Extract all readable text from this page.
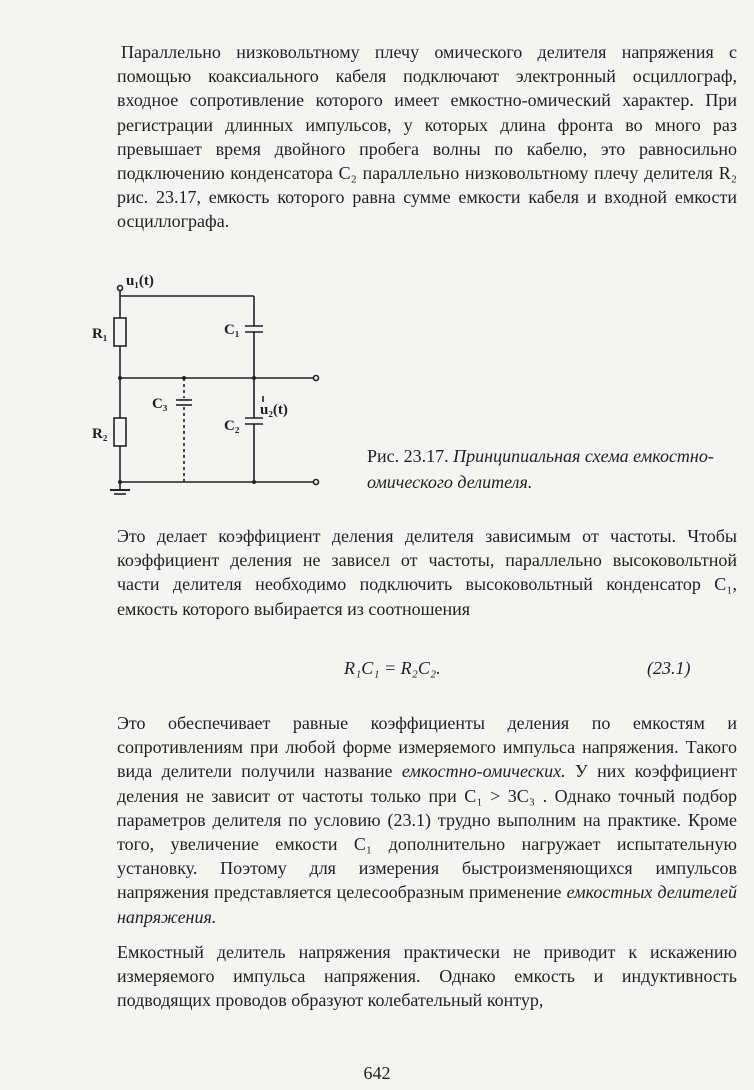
Параллельно низковольтному плечу омического делителя напряжения с помощью коаксиального кабеля подключают электронный осциллограф, входное сопротивление которого имеет емкостно-омический характер. При регистрации длинных импульсов, у которых длина фронта во много раз превышает время двойного пробега волны по кабелю, это равносильно подключению конденсатора C₂ параллельно низковольтному плечу делителя R₂ рис. 23.17, емкость которого равна сумме емкости кабеля и входной емкости осциллографа.

u₁(t)
R₁	C₁
C₃	u₂(t)
C₂
R₂
Рис. 23.17. Принципиальная схема емкостно-омического делителя.

Это делает коэффициент деления делителя зависимым от частоты. Чтобы коэффициент деления не зависел от частоты, параллельно высоковольтной части делителя необходимо подключить высоковольтный конденсатор C₁, емкость которого выбирается из соотношения

R₁C₁ = R₂C₂.	(23.1)

Это обеспечивает равные коэффициенты деления по емкостям и сопротивлениям при любой форме измеряемого импульса напряжения. Такого вида делители получили название емкостно-омических. У них коэффициент деления не зависит от частоты только при C₁ > 3C₃ . Однако точный подбор параметров делителя по условию (23.1) трудно выполним на практике. Кроме того, увеличение емкости C₁ дополнительно нагружает испытательную установку. Поэтому для измерения быстроизменяющихся импульсов напряжения представляется целесообразным применение емкостных делителей напряжения.

Емкостный делитель напряжения практически не приводит к искажению измеряемого импульса напряжения. Однако емкость и индуктивность подводящих проводов образуют колебательный контур,

642
